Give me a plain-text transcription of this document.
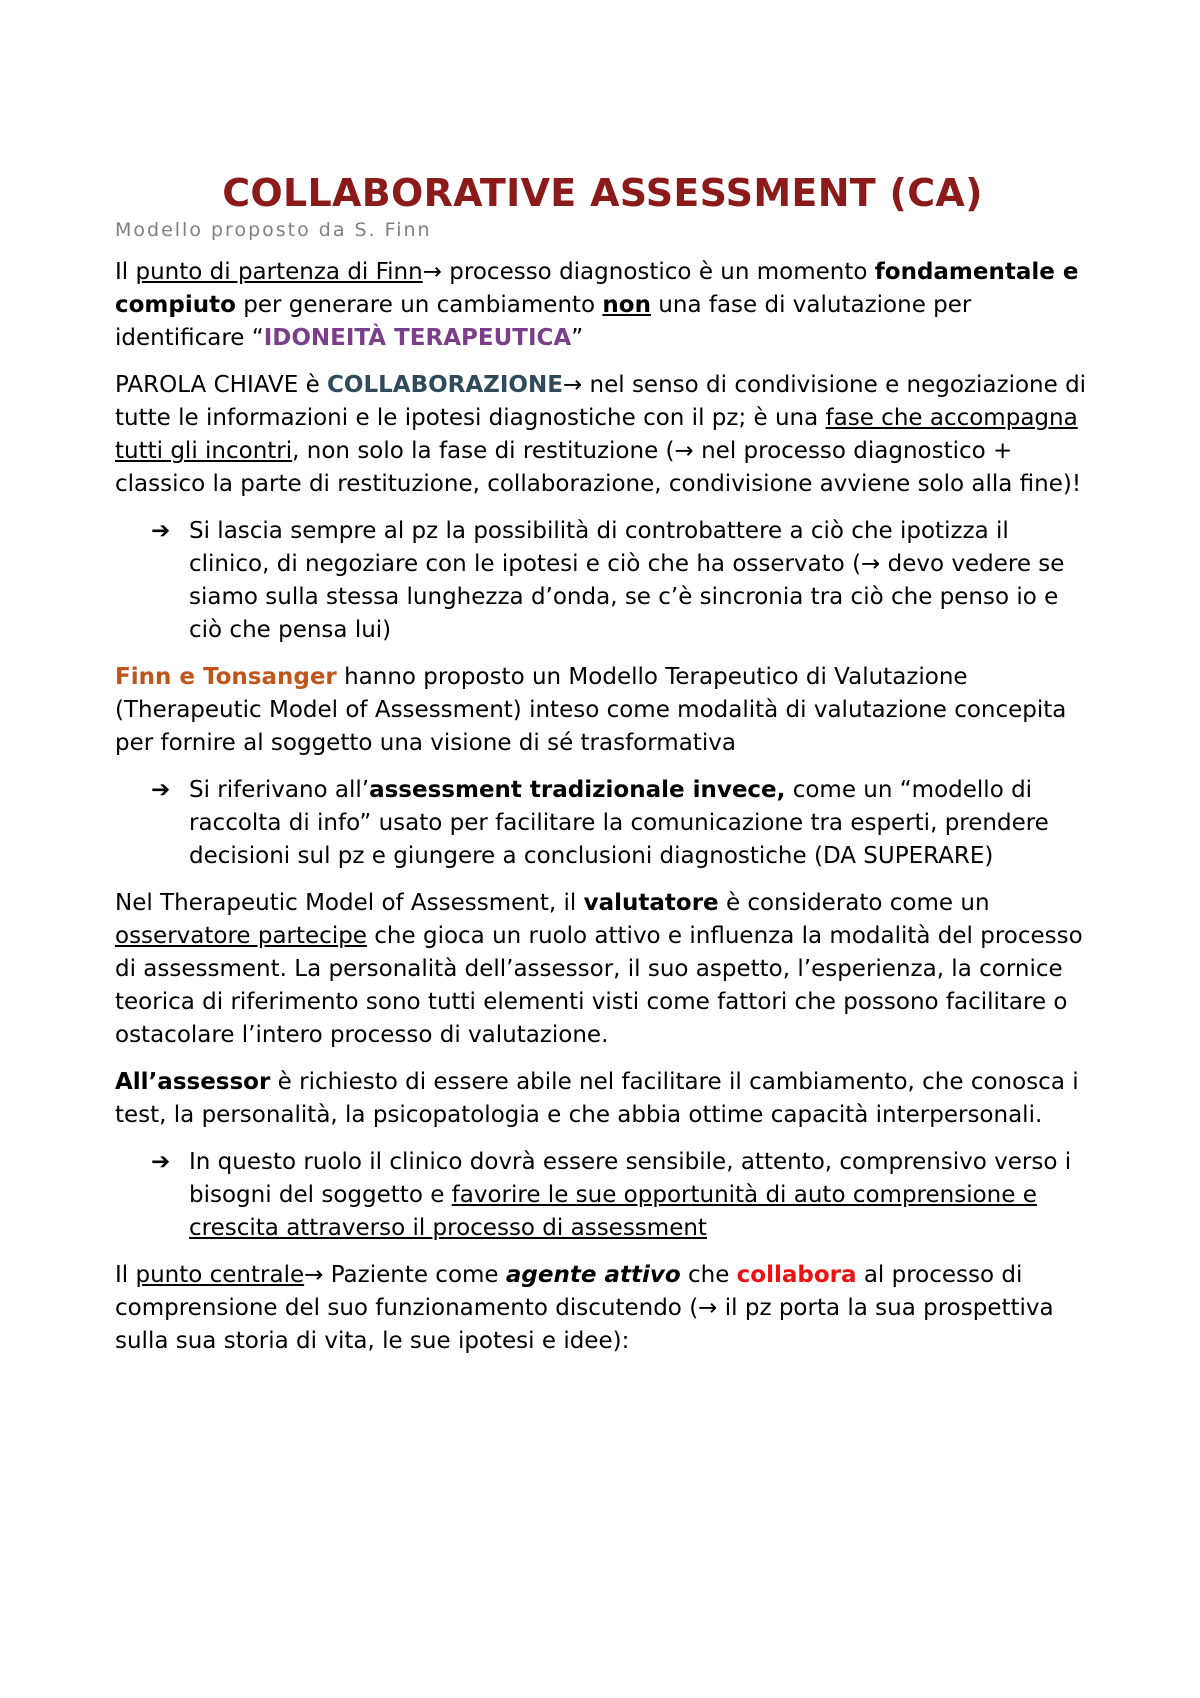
COLLABORATIVE ASSESSMENT (CA)
Modello proposto da S. Finn

Il punto di partenza di Finn→ processo diagnostico è un momento fondamentale e compiuto per generare un cambiamento non una fase di valutazione per identificare “IDONEITÀ TERAPEUTICA”

PAROLA CHIAVE è COLLABORAZIONE→ nel senso di condivisione e negoziazione di tutte le informazioni e le ipotesi diagnostiche con il pz; è una fase che accompagna tutti gli incontri, non solo la fase di restituzione (→ nel processo diagnostico + classico la parte di restituzione, collaborazione, condivisione avviene solo alla fine)!

➔ Si lascia sempre al pz la possibilità di controbattere a ciò che ipotizza il clinico, di negoziare con le ipotesi e ciò che ha osservato (→ devo vedere se siamo sulla stessa lunghezza d’onda, se c’è sincronia tra ciò che penso io e ciò che pensa lui)

Finn e Tonsanger hanno proposto un Modello Terapeutico di Valutazione (Therapeutic Model of Assessment) inteso come modalità di valutazione concepita per fornire al soggetto una visione di sé trasformativa

➔ Si riferivano all’assessment tradizionale invece, come un “modello di raccolta di info” usato per facilitare la comunicazione tra esperti, prendere decisioni sul pz e giungere a conclusioni diagnostiche (DA SUPERARE)

Nel Therapeutic Model of Assessment, il valutatore è considerato come un osservatore partecipe che gioca un ruolo attivo e influenza la modalità del processo di assessment. La personalità dell’assessor, il suo aspetto, l’esperienza, la cornice teorica di riferimento sono tutti elementi visti come fattori che possono facilitare o ostacolare l’intero processo di valutazione.

All’assessor è richiesto di essere abile nel facilitare il cambiamento, che conosca i test, la personalità, la psicopatologia e che abbia ottime capacità interpersonali.

➔ In questo ruolo il clinico dovrà essere sensibile, attento, comprensivo verso i bisogni del soggetto e favorire le sue opportunità di auto comprensione e crescita attraverso il processo di assessment

Il punto centrale→ Paziente come agente attivo che collabora al processo di comprensione del suo funzionamento discutendo (→ il pz porta la sua prospettiva sulla sua storia di vita, le sue ipotesi e idee):
